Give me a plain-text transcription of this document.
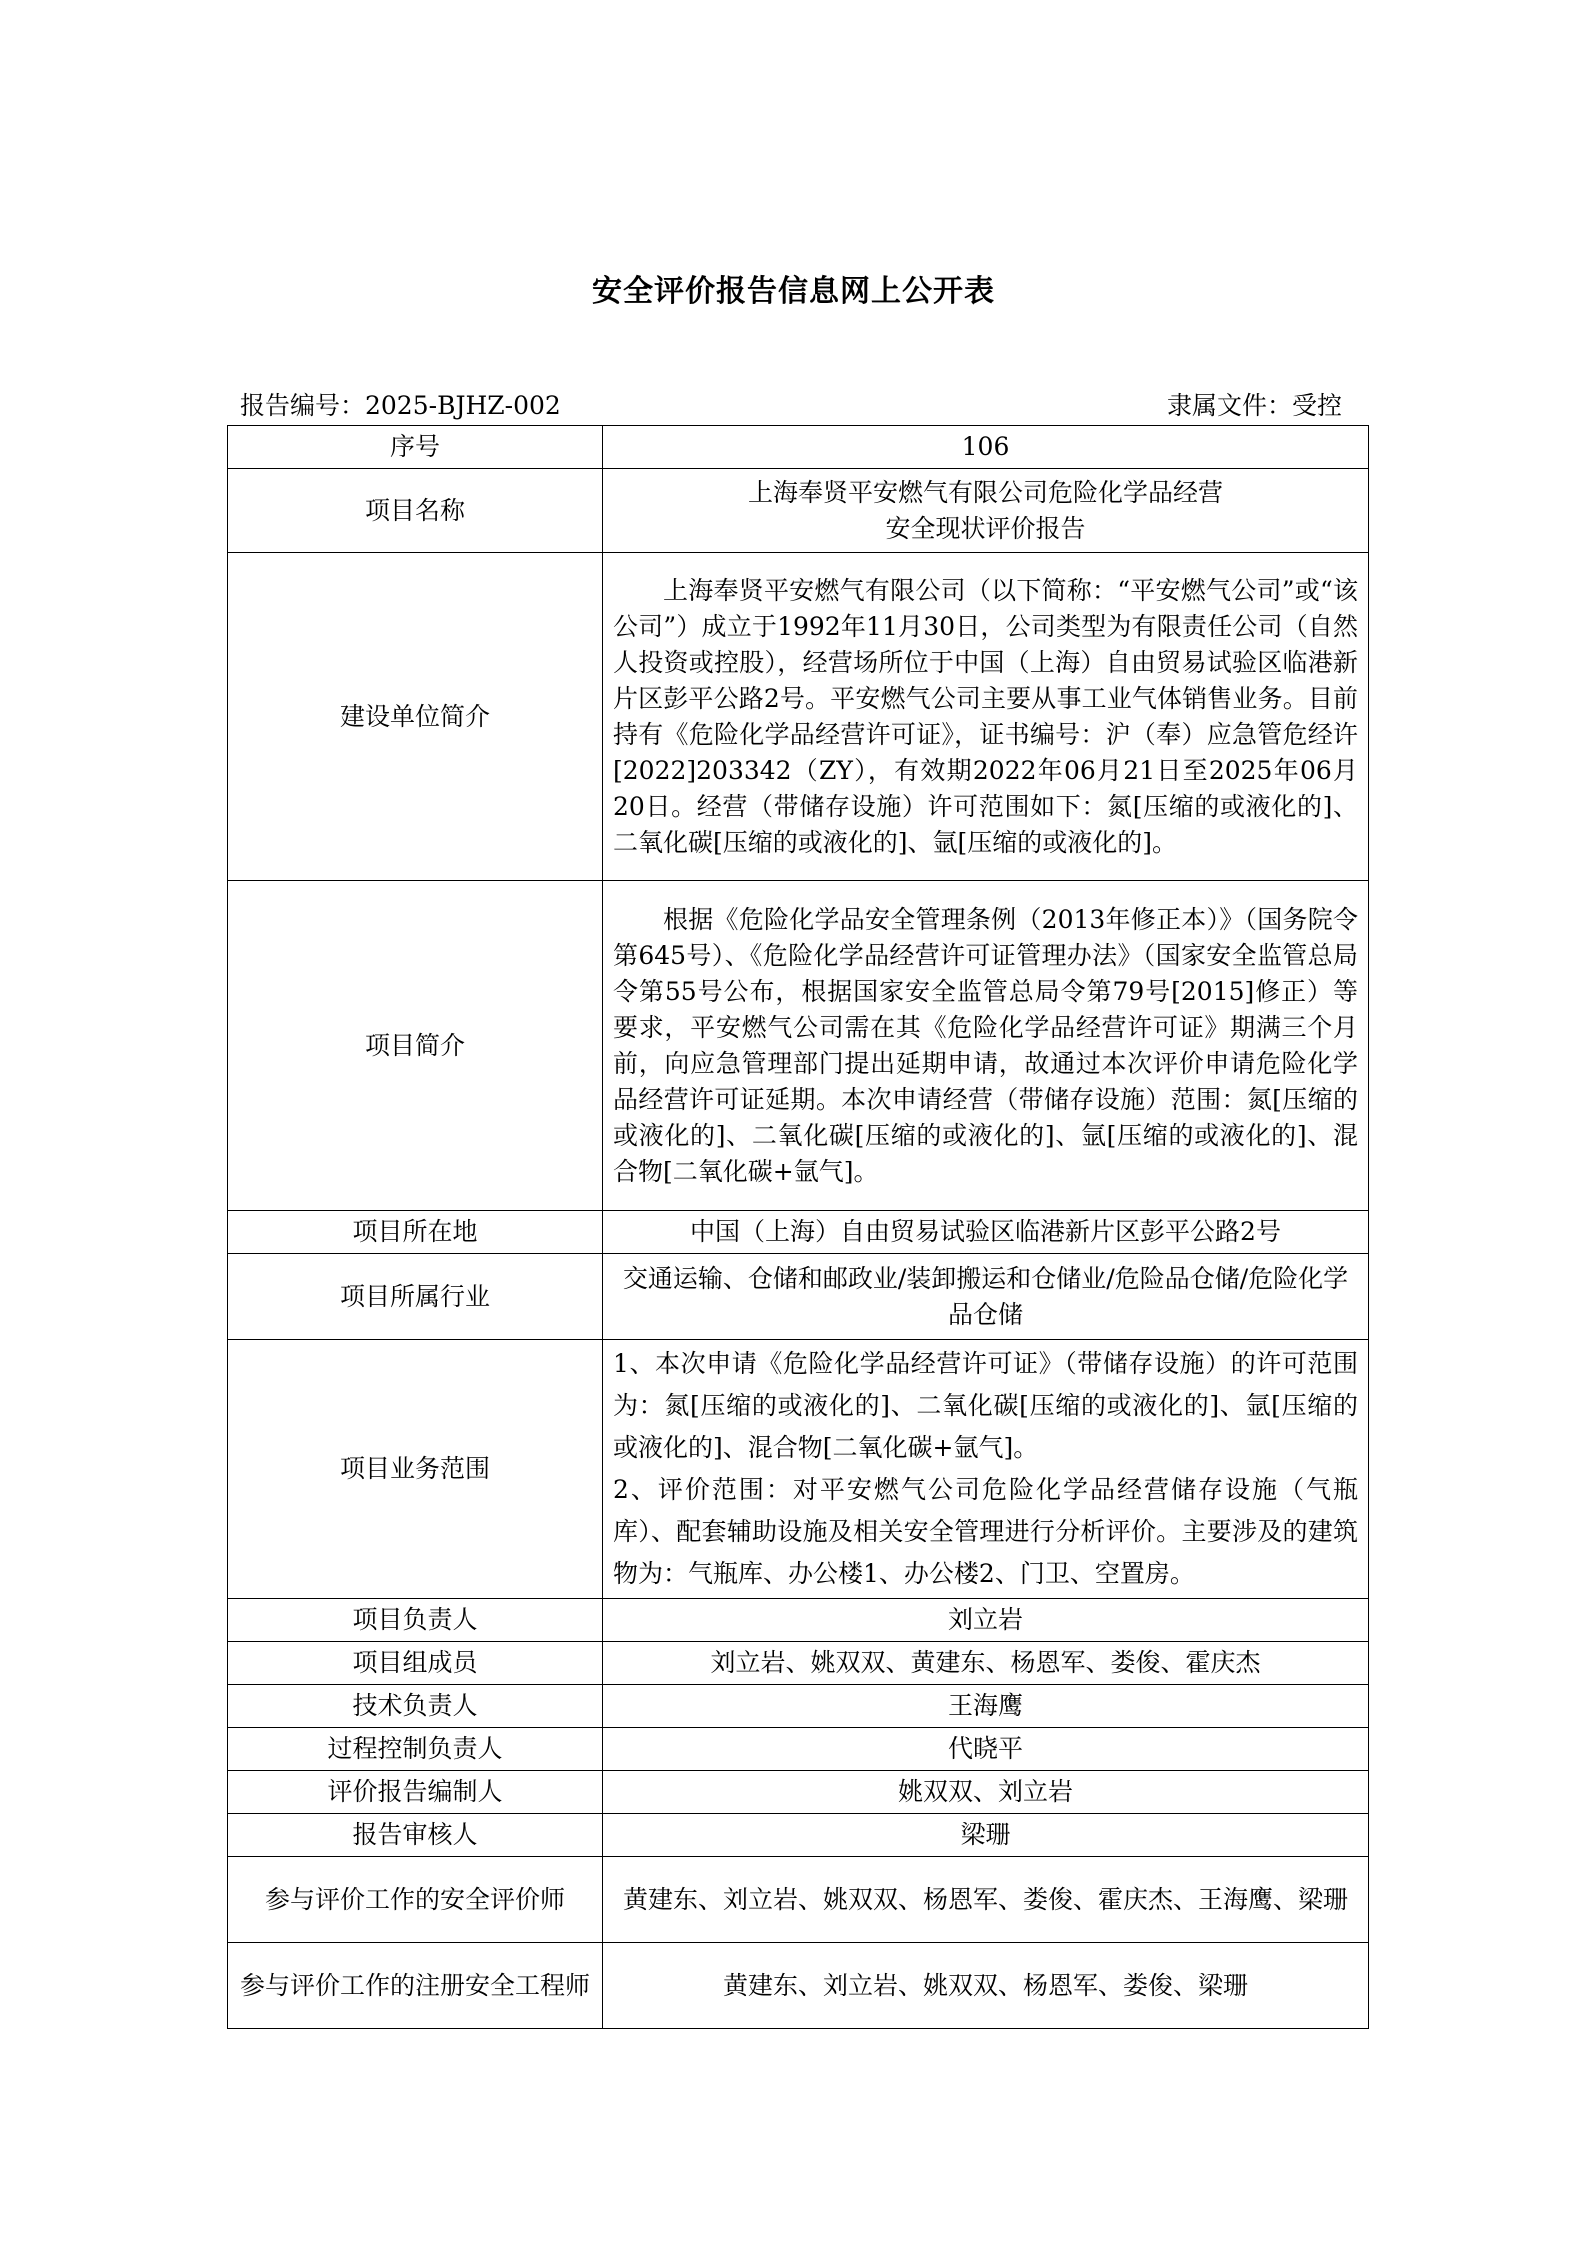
安全评价报告信息网上公开表
报告编号：2025-BJHZ-002	隶属文件：受控
序号	106
项目名称	上海奉贤平安燃气有限公司危险化学品经营
安全现状评价报告

建设单位简介	上海奉贤平安燃气有限公司（以下简称：“平安燃气公司”或“该公司”）成立于1992年11月30日，公司类型为有限责任公司（自然人投资或控股），经营场所位于中国（上海）自由贸易试验区临港新片区彭平公路2号。平安燃气公司主要从事工业气体销售业务。目前持有《危险化学品经营许可证》，证书编号：沪（奉）应急管危经许[2022]203342（ZY），有效期2022年06月21日至2025年06月20日。经营（带储存设施）许可范围如下：氮[压缩的或液化的]、二氧化碳[压缩的或液化的]、氩[压缩的或液化的]。
项目简介	根据《危险化学品安全管理条例（2013年修正本）》（国务院令第645号）、《危险化学品经营许可证管理办法》（国家安全监管总局令第55号公布，根据国家安全监管总局令第79号[2015]修正）等要求，平安燃气公司需在其《危险化学品经营许可证》期满三个月前，向应急管理部门提出延期申请，故通过本次评价申请危险化学品经营许可证延期。本次申请经营（带储存设施）范围：氮[压缩的或液化的]、二氧化碳[压缩的或液化的]、氩[压缩的或液化的]、混合物[二氧化碳+氩气]。
项目所在地	中国（上海）自由贸易试验区临港新片区彭平公路2号
项目所属行业	交通运输、仓储和邮政业/装卸搬运和仓储业/危险品仓储/危险化学品仓储
项目业务范围	1、本次申请《危险化学品经营许可证》（带储存设施）的许可范围为：氮[压缩的或液化的]、二氧化碳[压缩的或液化的]、氩[压缩的或液化的]、混合物[二氧化碳+氩气]。
2、评价范围：对平安燃气公司危险化学品经营储存设施（气瓶库）、配套辅助设施及相关安全管理进行分析评价。主要涉及的建筑物为：气瓶库、办公楼1、办公楼2、门卫、空置房。

项目负责人	刘立岩
项目组成员	刘立岩、姚双双、黄建东、杨恩军、娄俊、霍庆杰
技术负责人	王海鹰
过程控制负责人	代晓平
评价报告编制人	姚双双、刘立岩
报告审核人	梁珊
参与评价工作的安全评价师	黄建东、刘立岩、姚双双、杨恩军、娄俊、霍庆杰、王海鹰、梁珊
参与评价工作的注册安全工程师	黄建东、刘立岩、姚双双、杨恩军、娄俊、梁珊
